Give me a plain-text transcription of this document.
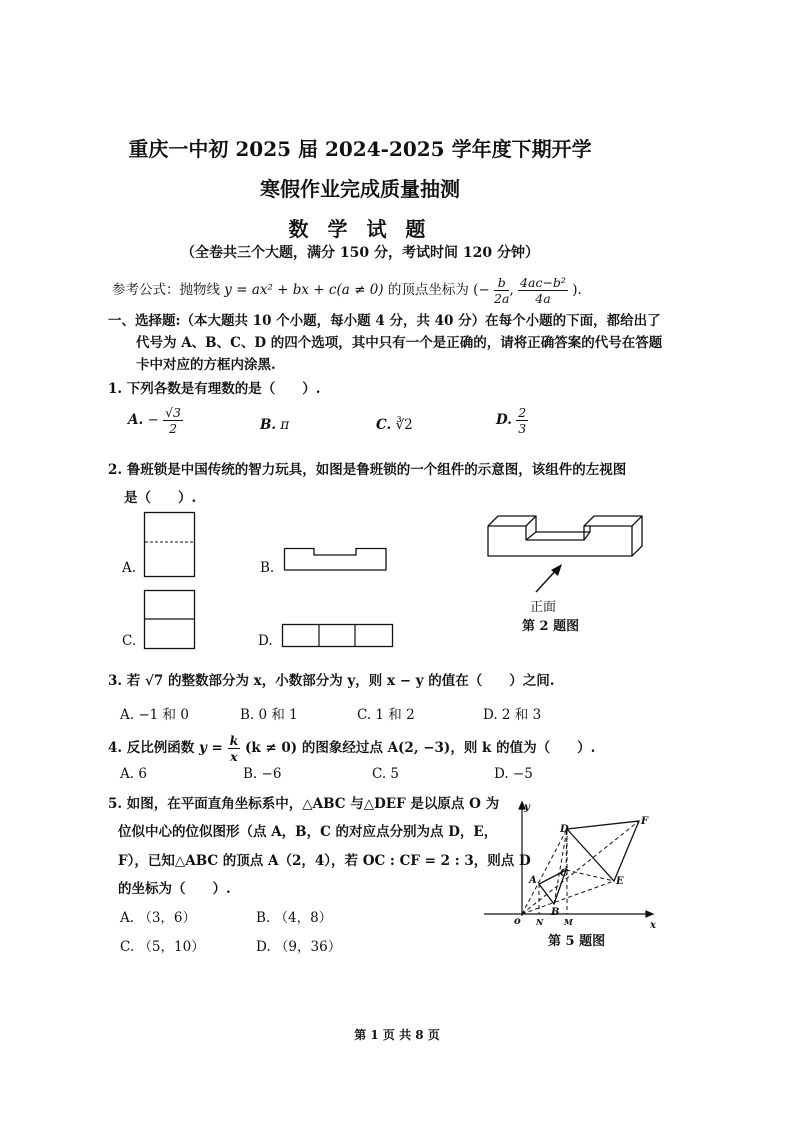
重庆一中初 2025 届 2024-2025 学年度下期开学
寒假作业完成质量抽测
数 学 试 题
（全卷共三个大题，满分 150 分，考试时间 120 分钟）
参考公式：抛物线 y = ax² + bx + c(a ≠ 0) 的顶点坐标为 (− $\frac{b}{2a}$ , $\frac{\text{4ac−b²}}{4a}$ ).
一、选择题:（本大题共 10 个小题，每小题 4 分，共 40 分）在每个小题的下面，都给出了
代号为 A、B、C、D 的四个选项，其中只有一个是正确的，请将正确答案的代号在答题
卡中对应的方框内涂黑.
1. 下列各数是有理数的是（　　）.
A. − $\frac{√3}{2}$	B. π	C. ∛2	D. $\frac{2}{3}$
2. 鲁班锁是中国传统的智力玩具，如图是鲁班锁的一个组件的示意图，该组件的左视图
是（　　）.
A.	B.
C.	D.
正面
第 2 题图
3. 若 √7 的整数部分为 x，小数部分为 y，则 x − y 的值在（　　）之间.
A. −1 和 0	B. 0 和 1	C. 1 和 2	D. 2 和 3
4. 反比例函数 $y = \frac{k}{x} (k \ne 0)$ 的图象经过点 A(2, −3)，则 k 的值为（　　）.
A. 6	B. −6	C. 5	D. −5
5. 如图，在平面直角坐标系中，△ABC 与△DEF 是以原点 O 为
位似中心的位似图形（点 A，B，C 的对应点分别为点 D，E，
F），已知△ABC 的顶点 A（2，4），若 OC : CF = 2 : 3，则点 D
的坐标为（　　）.
A. （3，6）	B. （4，8）
C. （5，10）	D. （9，36）
y
x
o
A
B
C
D
E
F
N	M
第 5 题图
第 1 页 共 8 页
